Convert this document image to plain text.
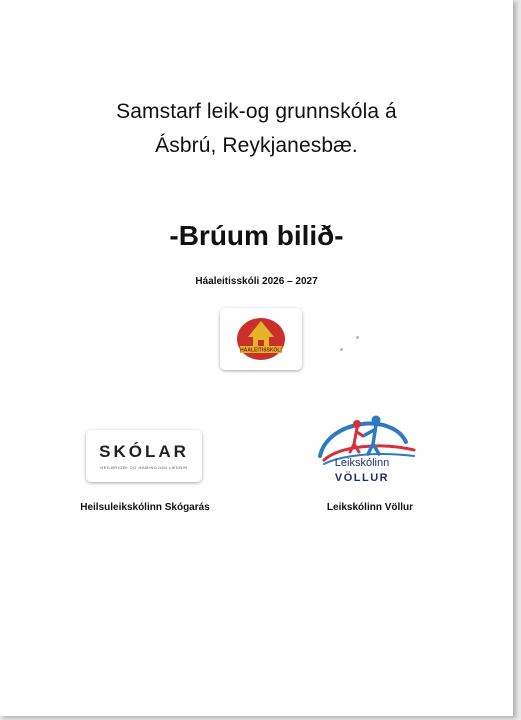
Samstarf leik-og grunnskóla á
Ásbrú, Reykjanesbæ.
-Brúum bilið-
Háaleitisskóli 2026 – 2027
HÁALEITISSKÓLI
SKÓLAR
HEILBRIGÐI OG HAMINGJUM LÆKNIR
Heilsuleikskólinn Skógarás
Leikskólinn
VÖLLUR
Leikskólinn Völlur
